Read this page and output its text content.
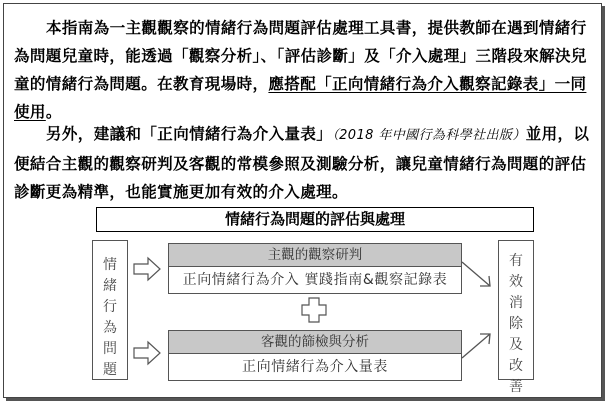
本指南為一主觀觀察的情緒行為問題評估處理工具書，提供教師在遇到情緒行為問題兒童時，能透過「觀察分析」、「評估診斷」及「介入處理」三階段來解決兒童的情緒行為問題。在教育現場時，應搭配「正向情緒行為介入觀察記錄表」一同使用。
另外，建議和「正向情緒行為介入量表」（2018 年中國行為科學社出版）並用，以便結合主觀的觀察研判及客觀的常模參照及測驗分析，讓兒童情緒行為問題的評估診斷更為精準，也能實施更加有效的介入處理。
情緒行為問題的評估與處理
情
緒
行
為
問
題
有
效
消
除
及
改
善
主觀的觀察研判
正向情緒行為介入 實踐指南&觀察記錄表
客觀的篩檢與分析
正向情緒行為介入量表
